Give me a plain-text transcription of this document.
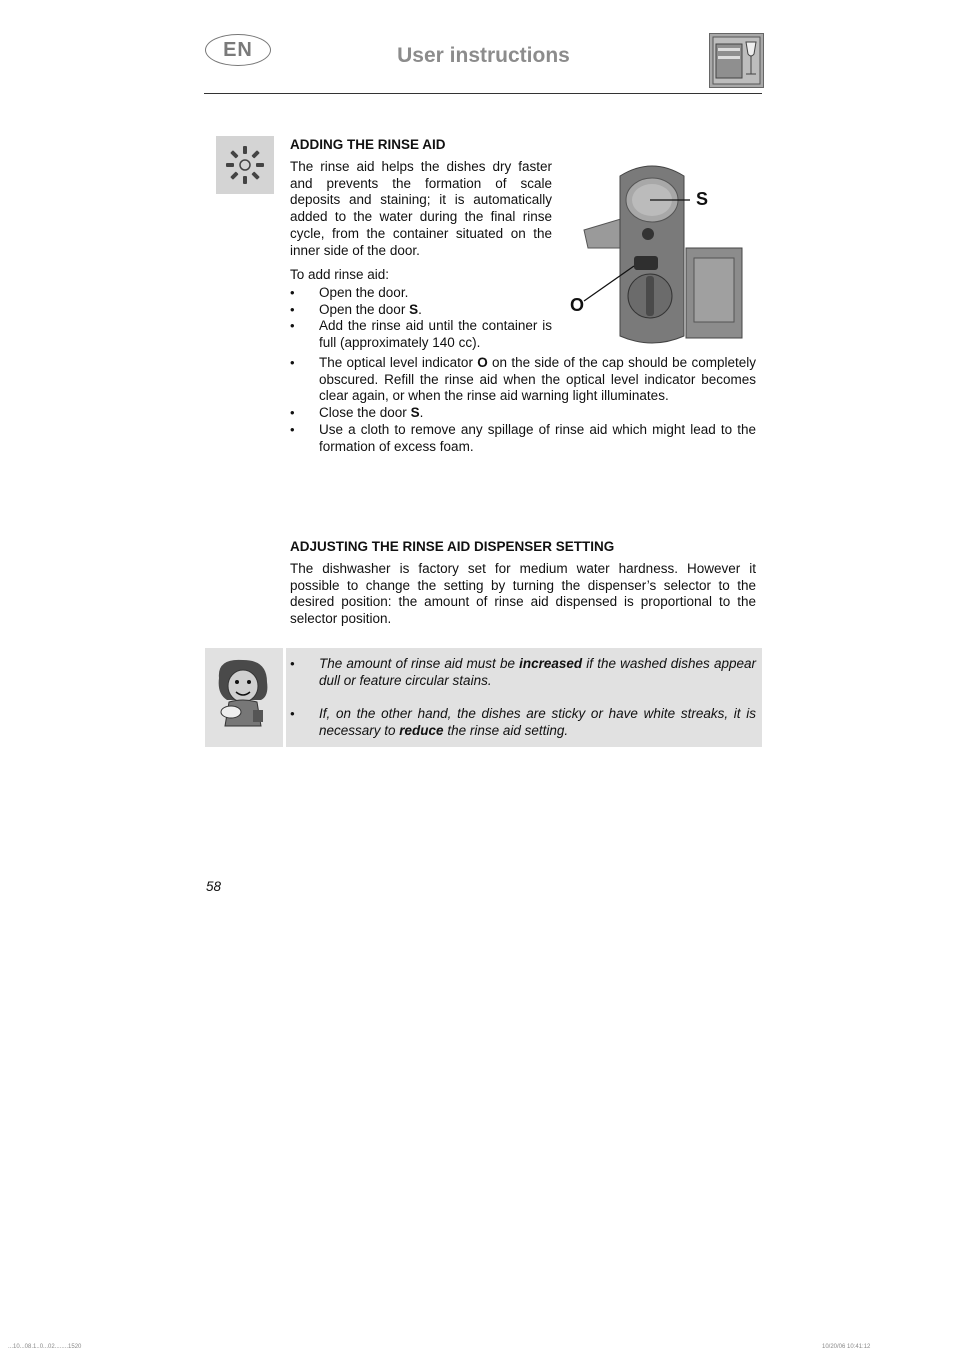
EN	User instructions
ADDING THE RINSE AID

The rinse aid helps the dishes dry faster and prevents the formation of scale deposits and staining; it is automatically added to the water during the final rinse cycle, from the container situated on the inner side of the door.

To add rinse aid:

• Open the door.
• Open the door S.
• Add the rinse aid until the container is full (approximately 140 cc).
• The optical level indicator O on the side of the cap should be completely obscured. Refill the rinse aid when the optical level indicator becomes clear again, or when the rinse aid warning light illuminates.
• Close the door S.
• Use a cloth to remove any spillage of rinse aid which might lead to the formation of excess foam.
S
O
ADJUSTING THE RINSE AID DISPENSER SETTING

The dishwasher is factory set for medium water hardness. However it possible to change the setting by turning the dispenser’s selector to the desired position: the amount of rinse aid dispensed is proportional to the selector position.

• The amount of rinse aid must be increased if the washed dishes appear dull or feature circular stains.
• If, on the other hand, the dishes are sticky or have white streaks, it is necessary to reduce the rinse aid setting.
58
...10...08.1..0...02........1520	10/20/06 10:41:12
